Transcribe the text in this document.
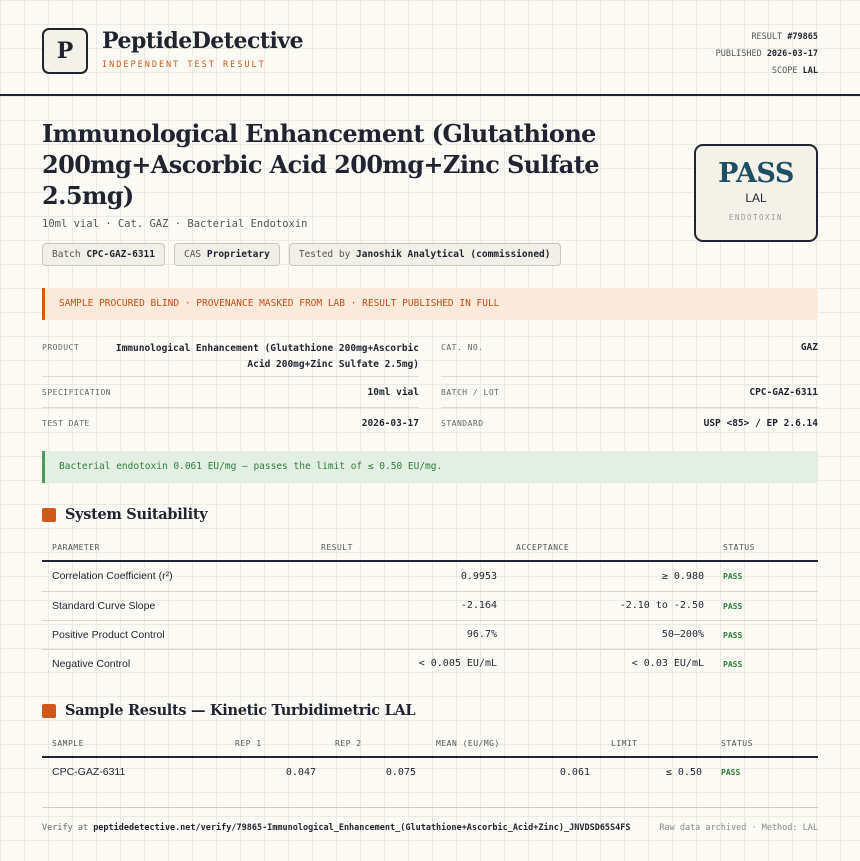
P PeptideDetective
INDEPENDENT TEST RESULT
RESULT #79865
PUBLISHED 2026-03-17
SCOPE LAL
Immunological Enhancement (Glutathione 200mg+Ascorbic Acid 200mg+Zinc Sulfate 2.5mg)
10ml vial · Cat. GAZ · Bacterial Endotoxin
Batch CPC-GAZ-6311	CAS Proprietary	Tested by Janoshik Analytical (commissioned)
PASS
LAL
ENDOTOXIN
SAMPLE PROCURED BLIND · PROVENANCE MASKED FROM LAB · RESULT PUBLISHED IN FULL
PRODUCT	Immunological Enhancement (Glutathione 200mg+Ascorbic
Acid 200mg+Zinc Sulfate 2.5mg)
CAT. NO.	GAZ
SPECIFICATION	10ml vial	BATCH / LOT	CPC-GAZ-6311
TEST DATE	2026-03-17	STANDARD	USP <85> / EP 2.6.14
Bacterial endotoxin 0.061 EU/mg — passes the limit of ≤ 0.50 EU/mg.
System Suitability
PARAMETER	RESULT	ACCEPTANCE	STATUS
Correlation Coefficient (r²)	0.9953	≥ 0.980 PASS
Standard Curve Slope	-2.164	-2.10 to -2.50 PASS
Positive Product Control	96.7%	50–200% PASS
Negative Control	< 0.005 EU/mL	< 0.03 EU/mL PASS
Sample Results — Kinetic Turbidimetric LAL
SAMPLE	REP 1	REP 2	MEAN (EU/MG)	LIMIT	STATUS
CPC-GAZ-6311	0.047	0.075	0.061	≤ 0.50 PASS
Verify at peptidedetective.net/verify/79865-Immunological_Enhancement_(Glutathione+Ascorbic_Acid+Zinc)_JNVDSD65S4FS	Raw data archived · Method: LAL
